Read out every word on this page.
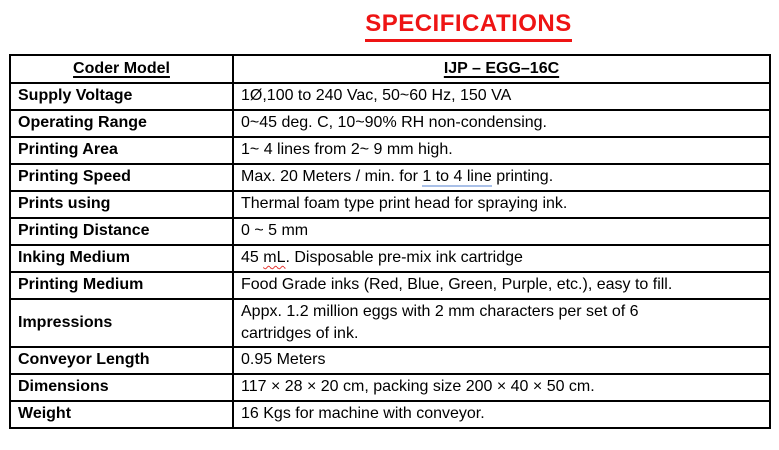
SPECIFICATIONS
Coder Model	IJP – EGG–16C
Supply Voltage	1Ø,100 to 240 Vac, 50~60 Hz, 150 VA
Operating Range	0~45 deg. C, 10~90% RH non-condensing.
Printing Area	1~ 4 lines from 2~ 9 mm high.
Printing Speed	Max. 20 Meters / min. for 1 to 4 line printing.
Prints using	Thermal foam type print head for spraying ink.
Printing Distance	0 ~ 5 mm
Inking Medium	45 mL. Disposable pre-mix ink cartridge
Printing Medium	Food Grade inks (Red, Blue, Green, Purple, etc.), easy to fill.
Impressions	Appx. 1.2 million eggs with 2 mm characters per set of 6
cartridges of ink.

Conveyor Length	0.95 Meters
Dimensions	117 × 28 × 20 cm, packing size 200 × 40 × 50 cm.
Weight	16 Kgs for machine with conveyor.
